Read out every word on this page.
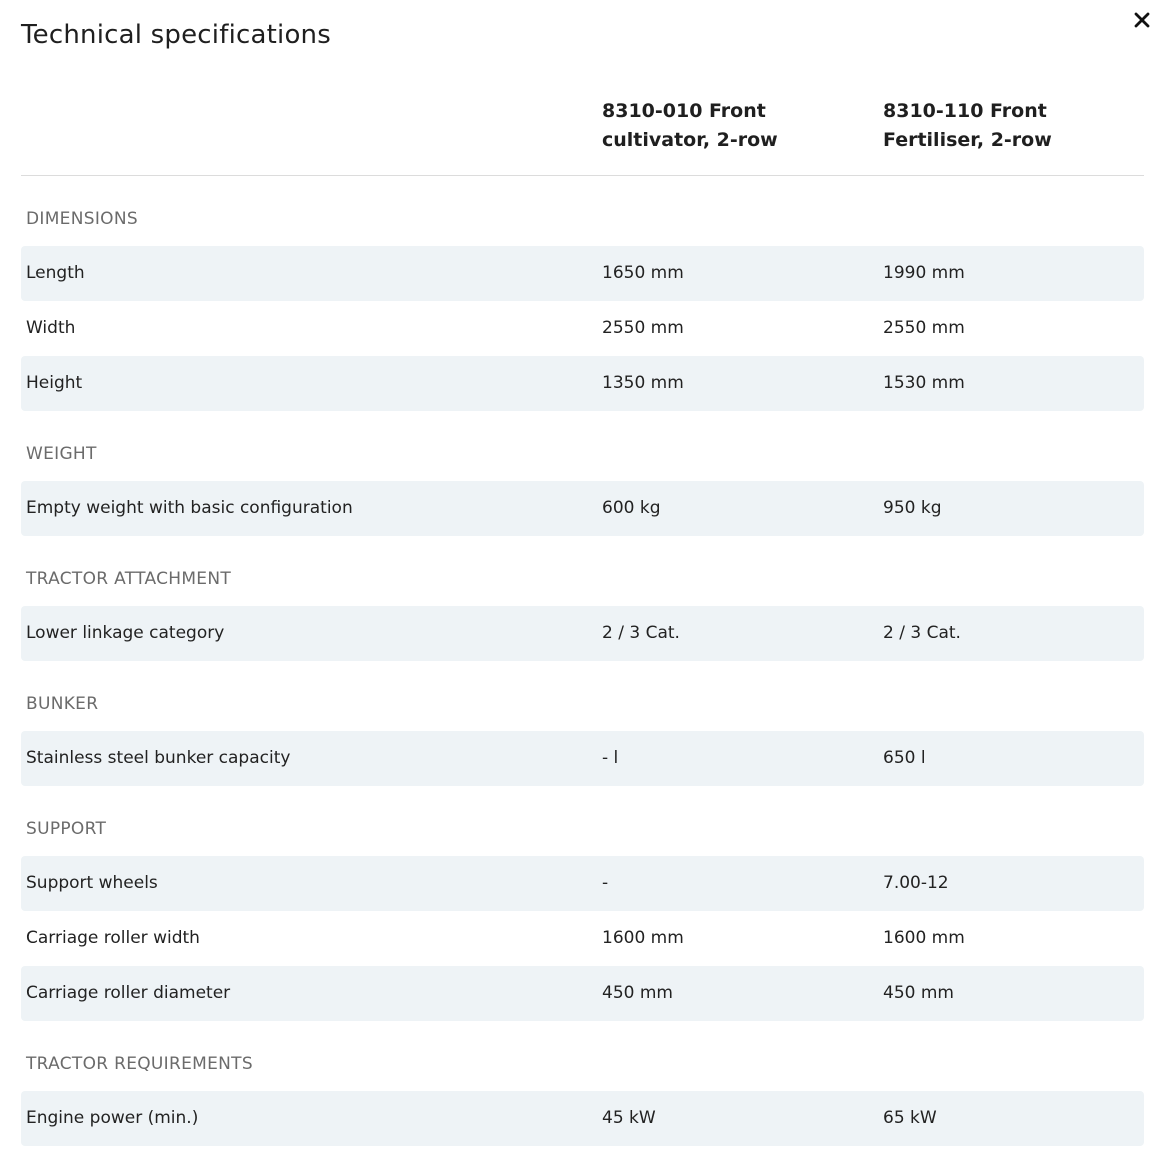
Technical specifications
8310-010 Front cultivator, 2-row
8310-110 Front Fertiliser, 2-row
DIMENSIONS
Length	1650 mm	1990 mm
Width	2550 mm	2550 mm
Height	1350 mm	1530 mm
WEIGHT
Empty weight with basic configuration	600 kg	950 kg
TRACTOR ATTACHMENT
Lower linkage category	2 / 3 Cat.	2 / 3 Cat.
BUNKER
Stainless steel bunker capacity	- l	650 l
SUPPORT
Support wheels	-	7.00-12
Carriage roller width	1600 mm	1600 mm
Carriage roller diameter	450 mm	450 mm
TRACTOR REQUIREMENTS
Engine power (min.)	45 kW	65 kW
